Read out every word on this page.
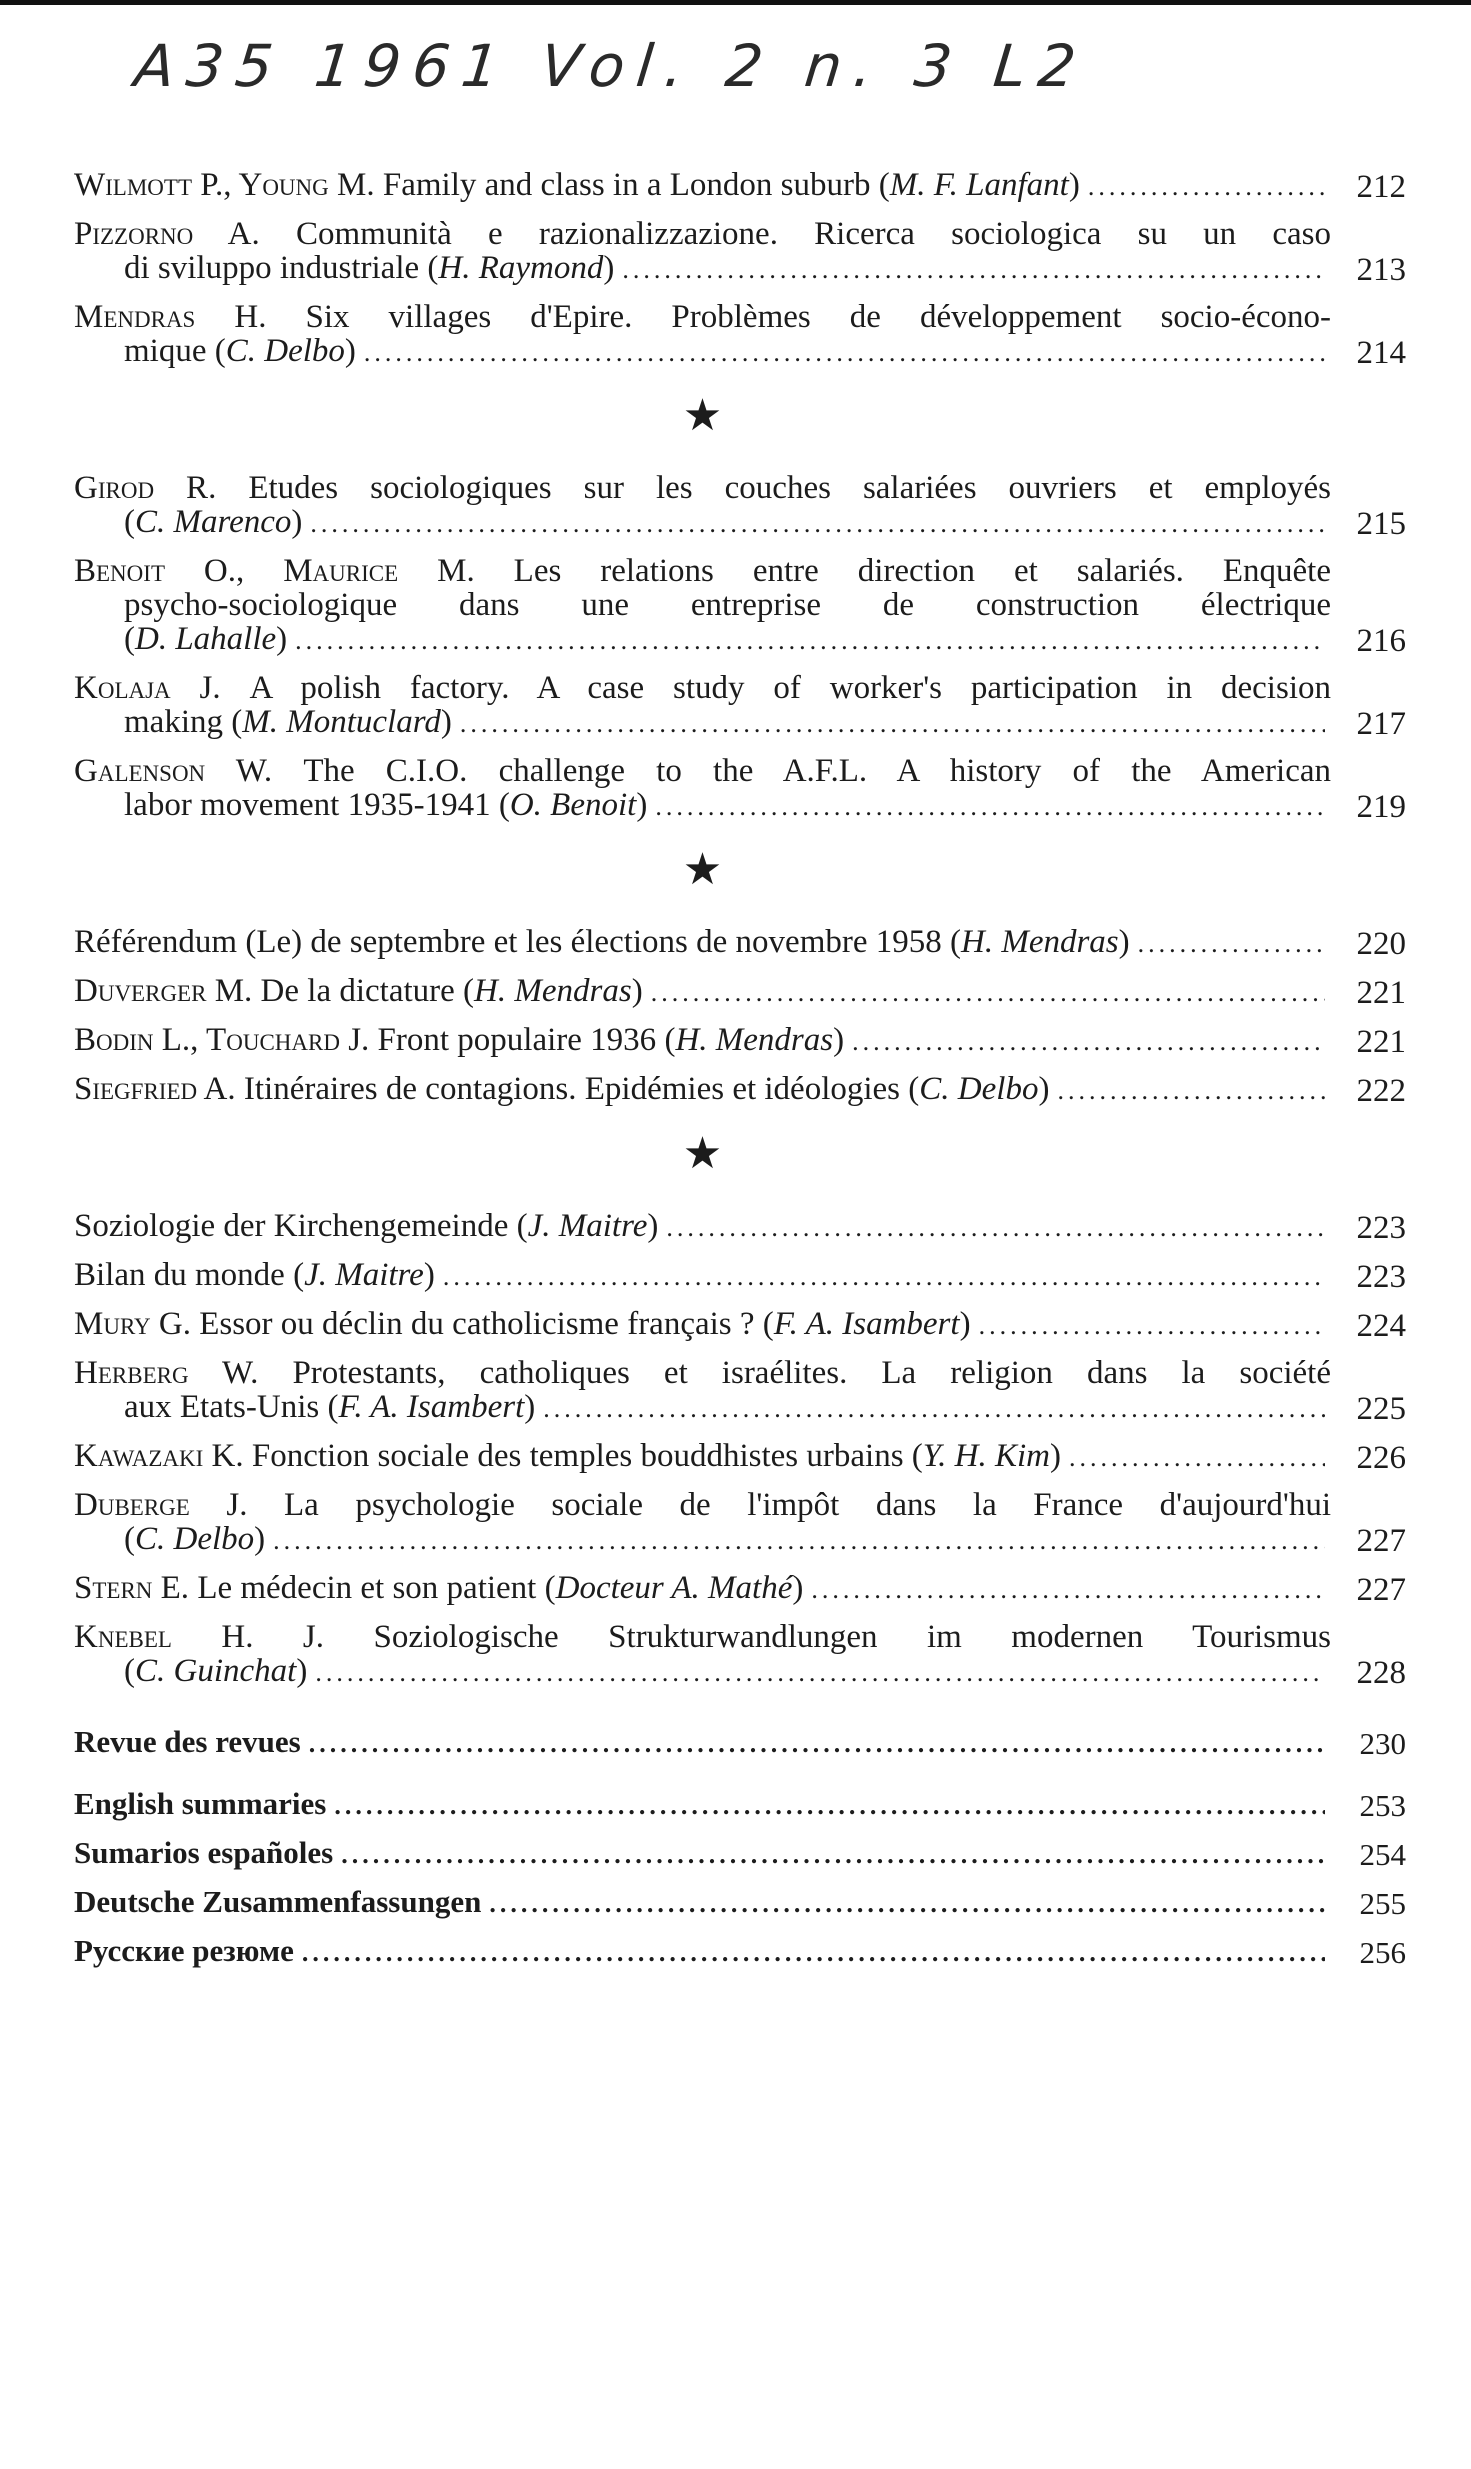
A35 1961 Vol. 2 n. 3 L2
Wilmott P., Young M. Family and class in a London suburb (M. F. Lanfant) .....	212
Pizzorno A. Communità e razionalizzazione. Ricerca sociologica su un caso
di sviluppo industriale (H. Raymond) .....	213
Mendras H. Six villages d'Epire. Problèmes de développement socio-écono-
mique (C. Delbo) .....	214
★
Girod R. Etudes sociologiques sur les couches salariées ouvriers et employés
(C. Marenco) .....	215
Benoit O., Maurice M. Les relations entre direction et salariés. Enquête
psycho-sociologique dans une entreprise de construction électrique
(D. Lahalle) .....	216
Kolaja J. A polish factory. A case study of worker's participation in decision
making (M. Montuclard) .....	217
Galenson W. The C.I.O. challenge to the A.F.L. A history of the American
labor movement 1935-1941 (O. Benoit) .....	219
★
Référendum (Le) de septembre et les élections de novembre 1958 (H. Mendras) .....	220
Duverger M. De la dictature (H. Mendras) .....	221
Bodin L., Touchard J. Front populaire 1936 (H. Mendras) .....	221
Siegfried A. Itinéraires de contagions. Epidémies et idéologies (C. Delbo) .....	222
★
Soziologie der Kirchengemeinde (J. Maitre) .....	223
Bilan du monde (J. Maitre) .....	223
Mury G. Essor ou déclin du catholicisme français ? (F. A. Isambert) .....	224
Herberg W. Protestants, catholiques et israélites. La religion dans la société
aux Etats-Unis (F. A. Isambert) .....	225
Kawazaki K. Fonction sociale des temples bouddhistes urbains (Y. H. Kim) .....	226
Duberge J. La psychologie sociale de l'impôt dans la France d'aujourd'hui
(C. Delbo) .....	227
Stern E. Le médecin et son patient (Docteur A. Mathé) .....	227
Knebel H. J. Soziologische Strukturwandlungen im modernen Tourismus
(C. Guinchat) .....	228
Revue des revues .....	230
English summaries .....	253
Sumarios españoles .....	254
Deutsche Zusammenfassungen .....	255
Русские резюме .....	256
